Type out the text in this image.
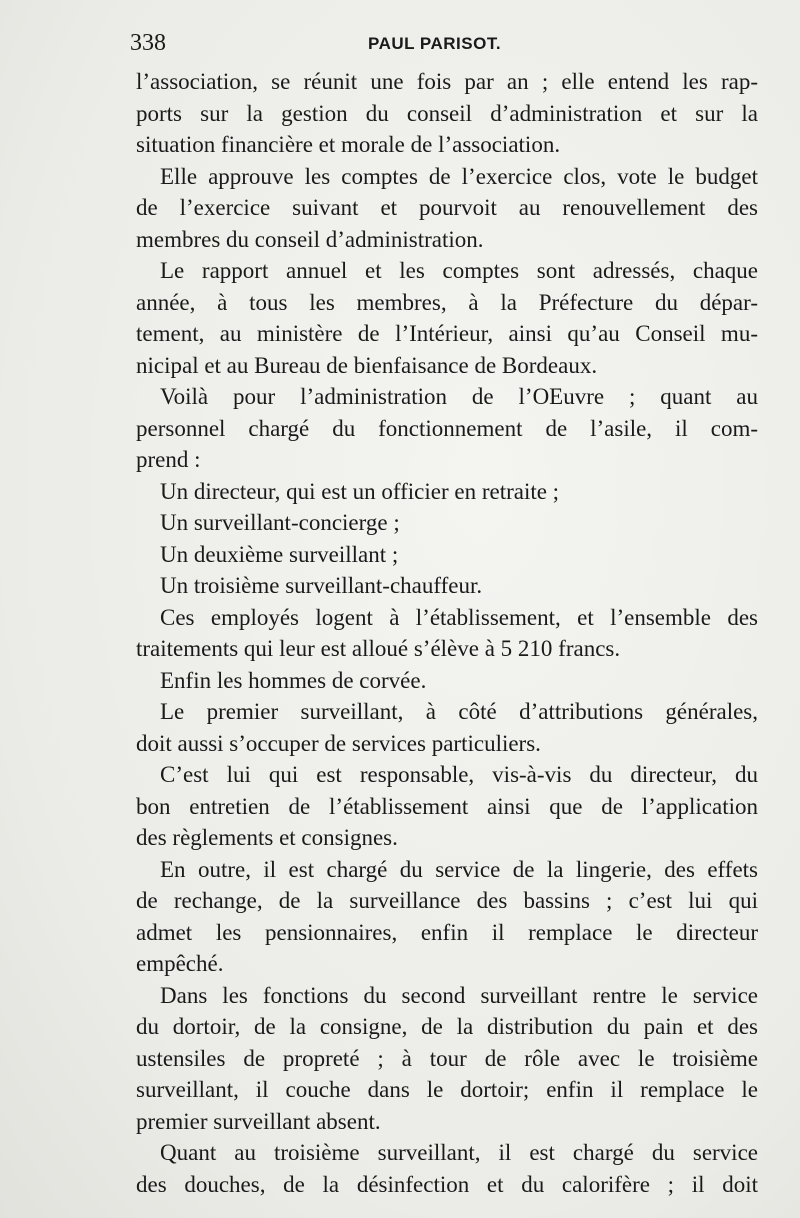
338	PAUL PARISOT.
l’association, se réunit une fois par an ; elle entend les rap-
ports sur la gestion du conseil d’administration et sur la
situation financière et morale de l’association.
Elle approuve les comptes de l’exercice clos, vote le budget
de l’exercice suivant et pourvoit au renouvellement des
membres du conseil d’administration.
Le rapport annuel et les comptes sont adressés, chaque
année, à tous les membres, à la Préfecture du dépar-
tement, au ministère de l’Intérieur, ainsi qu’au Conseil mu-
nicipal et au Bureau de bienfaisance de Bordeaux.
Voilà pour l’administration de l’OEuvre ; quant au
personnel chargé du fonctionnement de l’asile, il com-
prend :
Un directeur, qui est un officier en retraite ;
Un surveillant-concierge ;
Un deuxième surveillant ;
Un troisième surveillant-chauffeur.
Ces employés logent à l’établissement, et l’ensemble des
traitements qui leur est alloué s’élève à 5 210 francs.
Enfin les hommes de corvée.
Le premier surveillant, à côté d’attributions générales,
doit aussi s’occuper de services particuliers.
C’est lui qui est responsable, vis-à-vis du directeur, du
bon entretien de l’établissement ainsi que de l’application
des règlements et consignes.
En outre, il est chargé du service de la lingerie, des effets
de rechange, de la surveillance des bassins ; c’est lui qui
admet les pensionnaires, enfin il remplace le directeur
empêché.
Dans les fonctions du second surveillant rentre le service
du dortoir, de la consigne, de la distribution du pain et des
ustensiles de propreté ; à tour de rôle avec le troisième
surveillant, il couche dans le dortoir; enfin il remplace le
premier surveillant absent.
Quant au troisième surveillant, il est chargé du service
des douches, de la désinfection et du calorifère ; il doit
